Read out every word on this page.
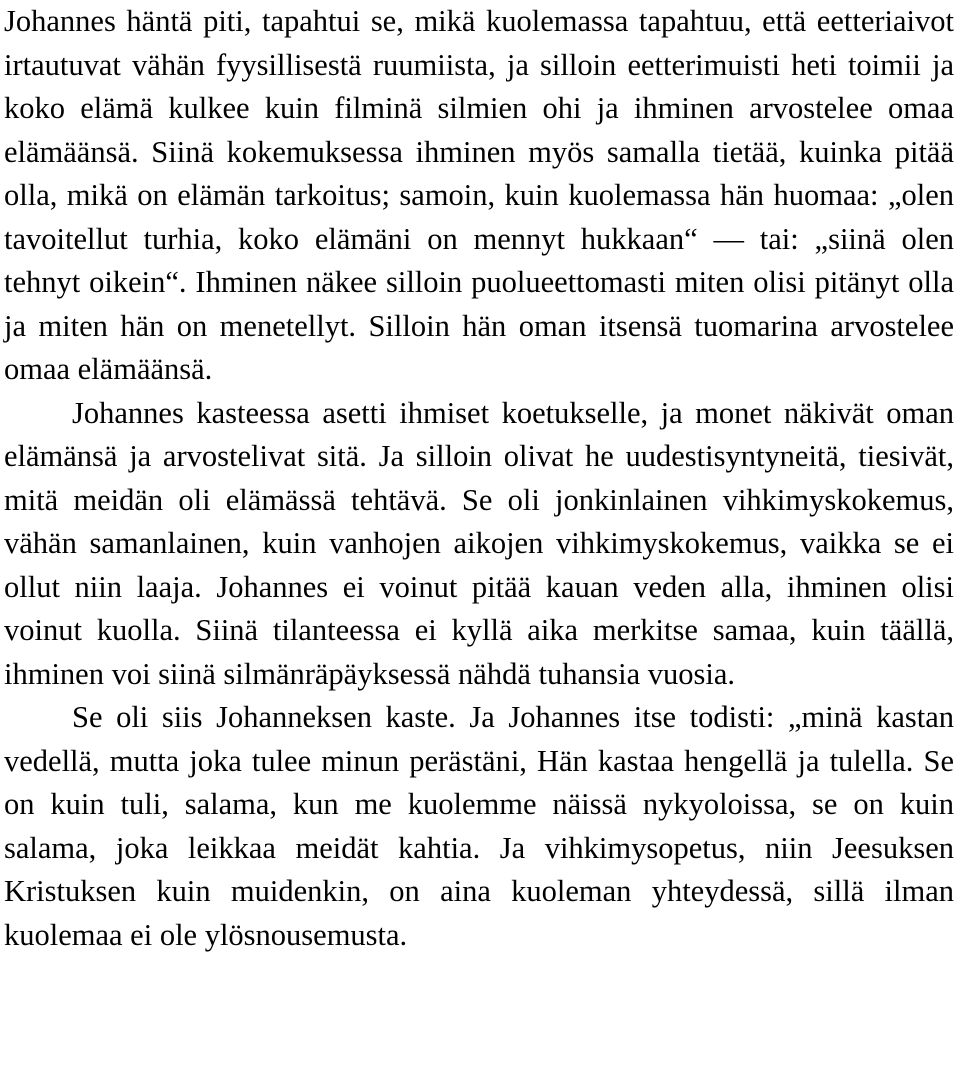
Johannes häntä piti, tapahtui se, mikä kuolemassa tapahtuu, että eetteriaivot irtautuvat vähän fyysillisestä ruumiista, ja silloin eetterimuisti heti toimii ja koko elämä kulkee kuin filminä silmien ohi ja ihminen arvostelee omaa elämäänsä. Siinä kokemuksessa ihminen myös samalla tietää, kuinka pitää olla, mikä on elämän tarkoitus; samoin, kuin kuolemassa hän huomaa: „olen tavoitellut turhia, koko elämäni on mennyt hukkaan“ — tai: „siinä olen tehnyt oikein“. Ihminen näkee silloin puolueettomasti miten olisi pitänyt olla ja miten hän on menetellyt. Silloin hän oman itsensä tuomarina arvostelee omaa elämäänsä.

Johannes kasteessa asetti ihmiset koetukselle, ja monet näkivät oman elämänsä ja arvostelivat sitä. Ja silloin olivat he uudestisyntyneitä, tiesivät, mitä meidän oli elämässä tehtävä. Se oli jonkinlainen vihkimyskokemus, vähän samanlainen, kuin vanhojen aikojen vihkimyskokemus, vaikka se ei ollut niin laaja. Johannes ei voinut pitää kauan veden alla, ihminen olisi voinut kuolla. Siinä tilanteessa ei kyllä aika merkitse samaa, kuin täällä, ihminen voi siinä silmänräpäyksessä nähdä tuhansia vuosia.

Se oli siis Johanneksen kaste. Ja Johannes itse todisti: „minä kastan vedellä, mutta joka tulee minun perästäni, Hän kastaa hengellä ja tulella. Se on kuin tuli, salama, kun me kuolemme näissä nykyoloissa, se on kuin salama, joka leikkaa meidät kahtia. Ja vihkimysopetus, niin Jeesuksen Kristuksen kuin muidenkin, on aina kuoleman yhteydessä, sillä ilman kuolemaa ei ole ylösnousemusta.
